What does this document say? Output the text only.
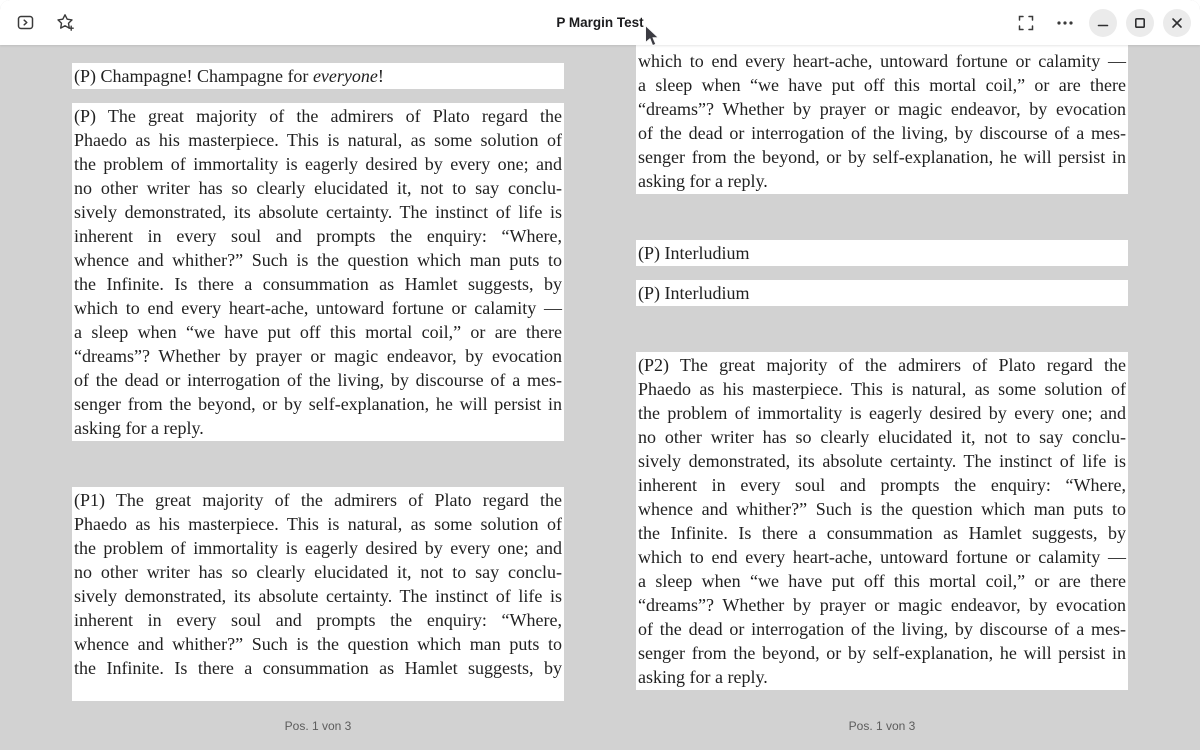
P Margin Test
(P) Champagne! Champagne for everyone!
(P) The great majority of the admirers of Plato regard the
Phaedo as his masterpiece. This is natural, as some solution of
the problem of immortality is eagerly desired by every one; and
no other writer has so clearly elucidated it, not to say conclu-
sively demonstrated, its absolute certainty. The instinct of life is
inherent in every soul and prompts the enquiry: “Where,
whence and whither?” Such is the question which man puts to
the Infinite. Is there a consummation as Hamlet suggests, by
which to end every heart-ache, untoward fortune or calamity —
a sleep when “we have put off this mortal coil,” or are there
“dreams”? Whether by prayer or magic endeavor, by evocation
of the dead or interrogation of the living, by discourse of a mes-
senger from the beyond, or by self-explanation, he will persist in
asking for a reply.
(P1) The great majority of the admirers of Plato regard the
Phaedo as his masterpiece. This is natural, as some solution of
the problem of immortality is eagerly desired by every one; and
no other writer has so clearly elucidated it, not to say conclu-
sively demonstrated, its absolute certainty. The instinct of life is
inherent in every soul and prompts the enquiry: “Where,
whence and whither?” Such is the question which man puts to
the Infinite. Is there a consummation as Hamlet suggests, by
which to end every heart-ache, untoward fortune or calamity —
a sleep when “we have put off this mortal coil,” or are there
“dreams”? Whether by prayer or magic endeavor, by evocation
of the dead or interrogation of the living, by discourse of a mes-
senger from the beyond, or by self-explanation, he will persist in
asking for a reply.
(P) Interludium
(P) Interludium
(P2) The great majority of the admirers of Plato regard the
Phaedo as his masterpiece. This is natural, as some solution of
the problem of immortality is eagerly desired by every one; and
no other writer has so clearly elucidated it, not to say conclu-
sively demonstrated, its absolute certainty. The instinct of life is
inherent in every soul and prompts the enquiry: “Where,
whence and whither?” Such is the question which man puts to
the Infinite. Is there a consummation as Hamlet suggests, by
which to end every heart-ache, untoward fortune or calamity —
a sleep when “we have put off this mortal coil,” or are there
“dreams”? Whether by prayer or magic endeavor, by evocation
of the dead or interrogation of the living, by discourse of a mes-
senger from the beyond, or by self-explanation, he will persist in
asking for a reply.
Pos. 1 von 3	Pos. 1 von 3
